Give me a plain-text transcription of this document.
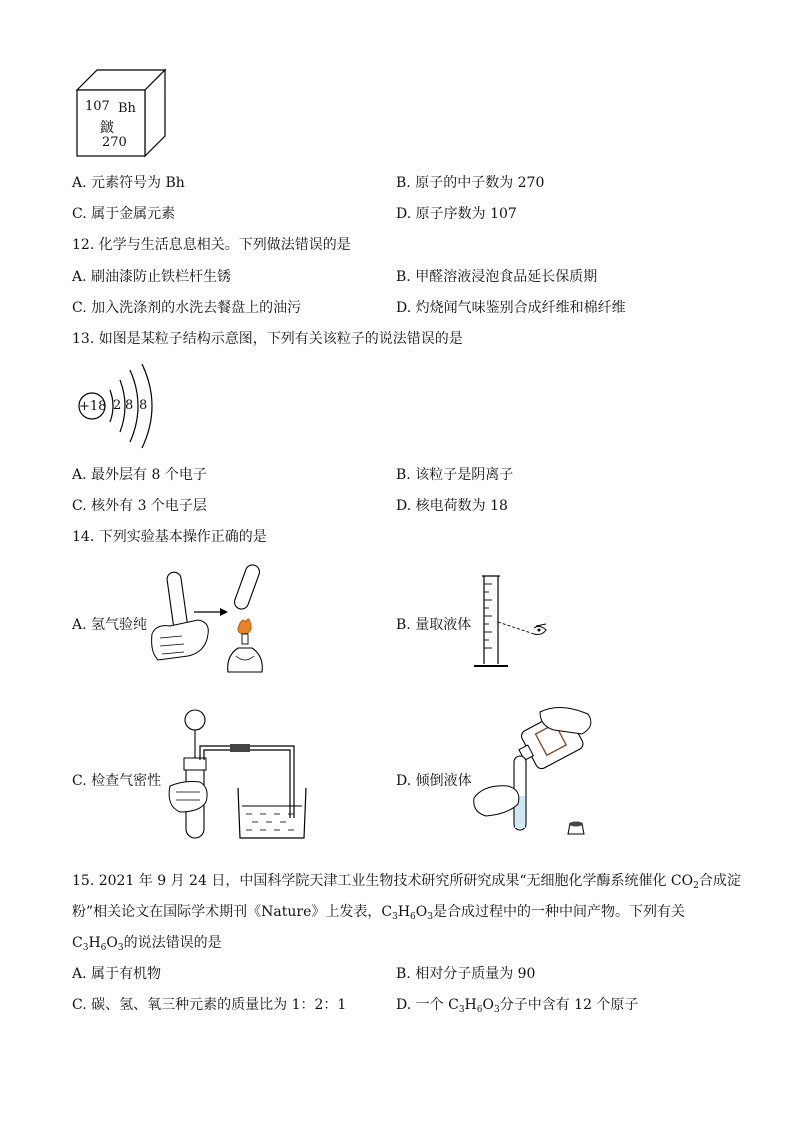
107 Bh
𨨏
270
A. 元素符号为 Bh	B. 原子的中子数为 270
C. 属于金属元素	D. 原子序数为 107
12. 化学与生活息息相关。下列做法错误的是
A. 刷油漆防止铁栏杆生锈	B. 甲醛溶液浸泡食品延长保质期
C. 加入洗涤剂的水洗去餐盘上的油污	D. 灼烧闻气味鉴别合成纤维和棉纤维
13. 如图是某粒子结构示意图，下列有关该粒子的说法错误的是
+18 2 8 8
A. 最外层有 8 个电子	B. 该粒子是阴离子
C. 核外有 3 个电子层	D. 核电荷数为 18
14. 下列实验基本操作正确的是
A. 氢气验纯	B. 量取液体
C. 检查气密性	D. 倾倒液体
15. 2021 年 9 月 24 日，中国科学院天津工业生物技术研究所研究成果“无细胞化学酶系统催化 $CO_2$合成淀
粉”相关论文在国际学术期刊《Nature》上发表，$C_3H_6O_3$是合成过程中的一种中间产物。下列有关
$C_3H_6O_3$的说法错误的是
A. 属于有机物	B. 相对分子质量为 90
C. 碳、氢、氧三种元素的质量比为 1：2：1	D. 一个 $C_3H_6O_3$分子中含有 12 个原子
